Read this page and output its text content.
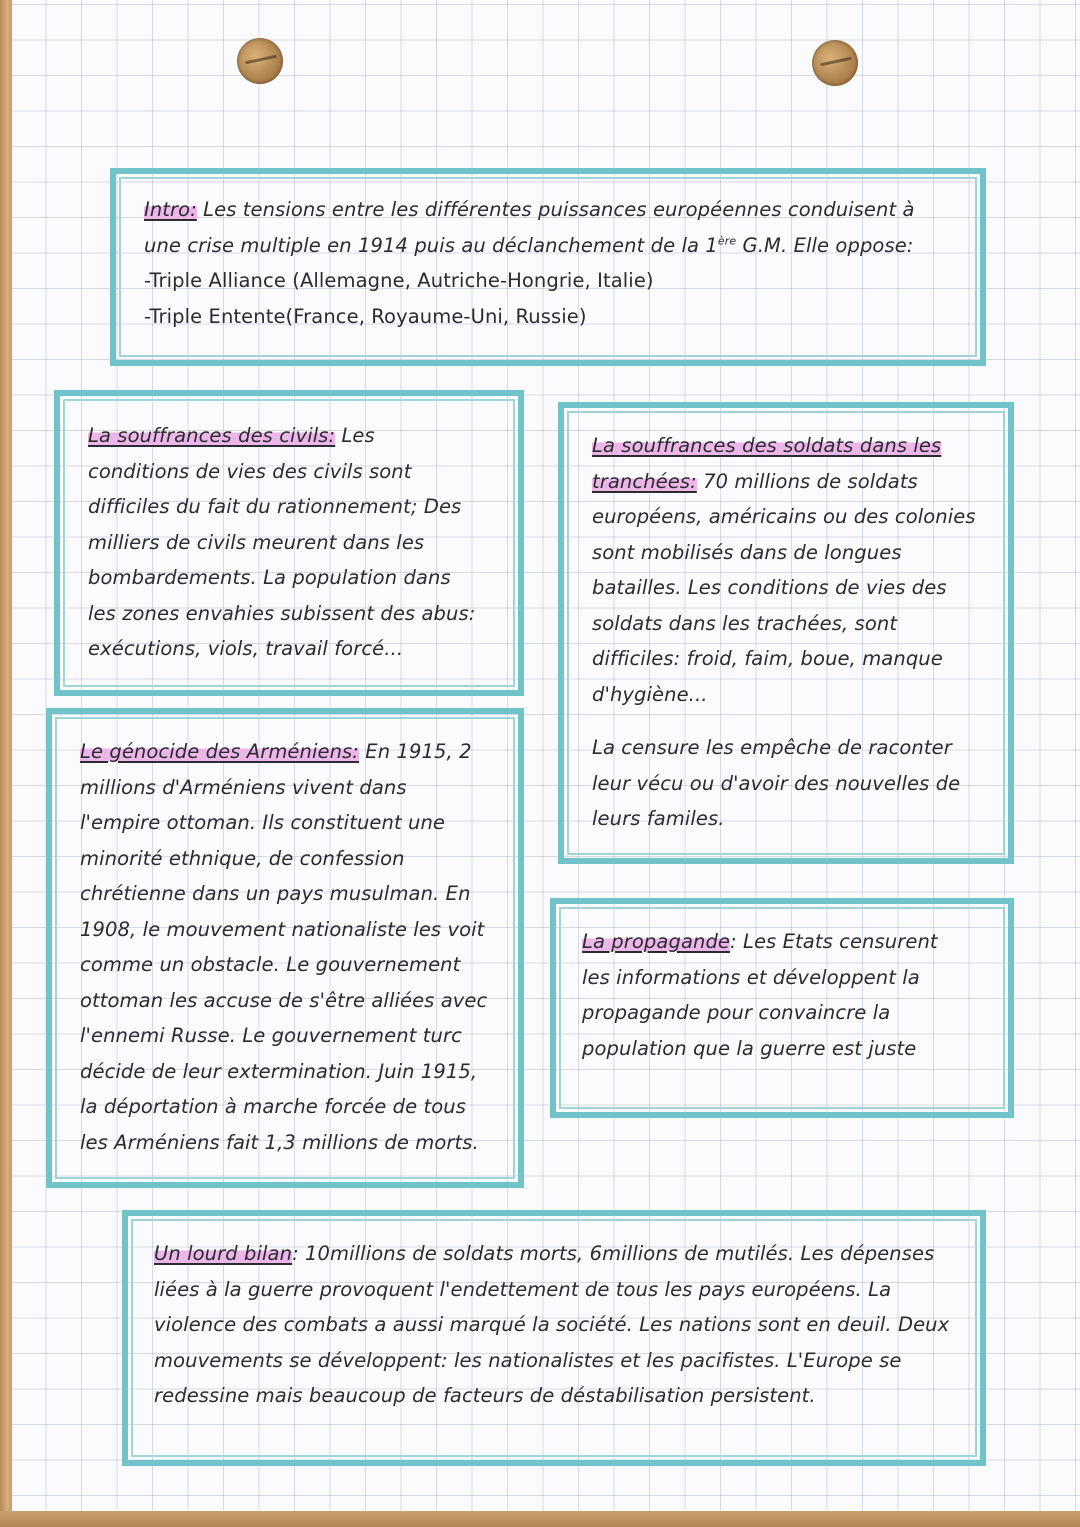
Intro: Les tensions entre les différentes puissances européennes conduisent à
une crise multiple en 1914 puis au déclanchement de la 1ère G.M. Elle oppose:
-Triple Alliance (Allemagne, Autriche-Hongrie, Italie)
-Triple Entente(France, Royaume-Uni, Russie)

La souffrances des civils: Les conditions de vies des civils sont difficiles du fait du rationnement; Des milliers de civils meurent dans les bombardements. La population dans les zones envahies subissent des abus: exécutions, viols, travail forcé...

La souffrances des soldats dans les tranchées: 70 millions de soldats européens, américains ou des colonies sont mobilisés dans de longues batailles. Les conditions de vies des soldats dans les trachées, sont difficiles: froid, faim, boue, manque d'hygiène...

La censure les empêche de raconter leur vécu ou d'avoir des nouvelles de leurs familes.

Le génocide des Arméniens: En 1915, 2 millions d'Arméniens vivent dans l'empire ottoman. Ils constituent une minorité ethnique, de confession chrétienne dans un pays musulman. En 1908, le mouvement nationaliste les voit comme un obstacle. Le gouvernement ottoman les accuse de s'être alliées avec l'ennemi Russe. Le gouvernement turc décide de leur extermination. Juin 1915, la déportation à marche forcée de tous les Arméniens fait 1,3 millions de morts.

La propagande: Les Etats censurent les informations et développent la propagande pour convaincre la population que la guerre est juste

Un lourd bilan: 10millions de soldats morts, 6millions de mutilés. Les dépenses liées à la guerre provoquent l'endettement de tous les pays européens. La violence des combats a aussi marqué la société. Les nations sont en deuil. Deux mouvements se développent: les nationalistes et les pacifistes. L'Europe se redessine mais beaucoup de facteurs de déstabilisation persistent.
